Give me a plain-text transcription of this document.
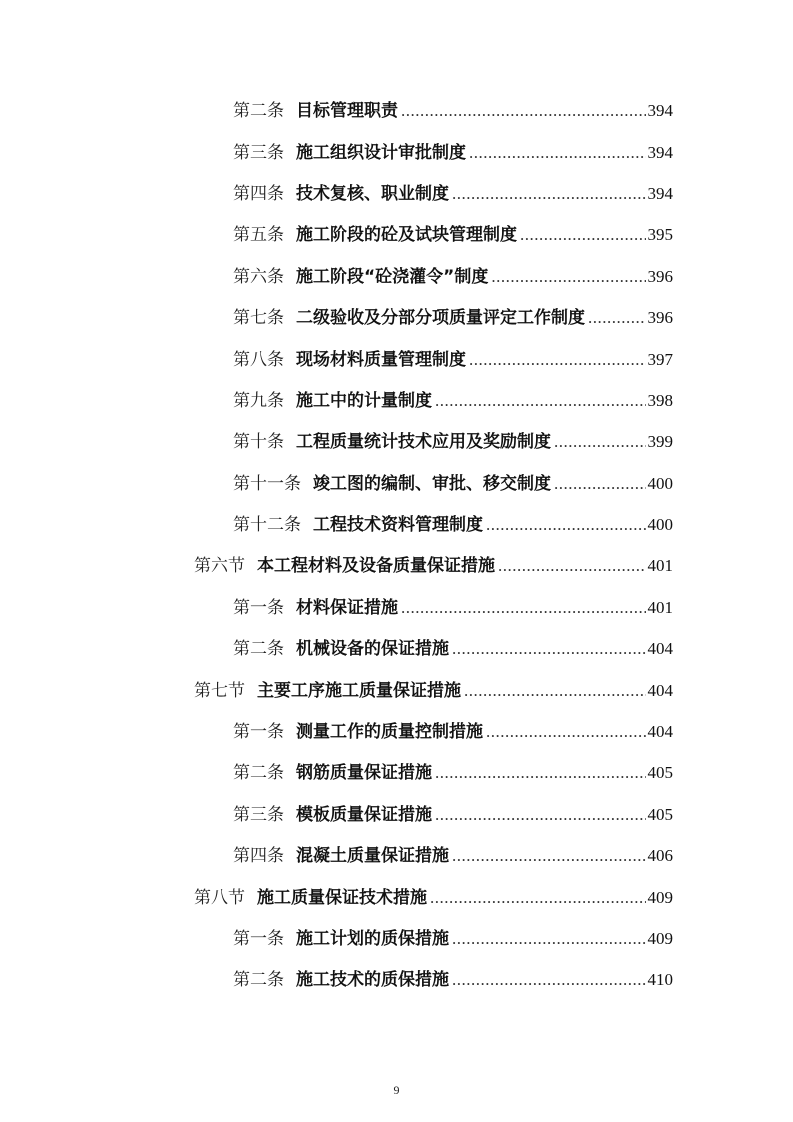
第二条 目标管理职责 .....	394
第三条 施工组织设计审批制度 .....	394
第四条 技术复核、职业制度 .....	394
第五条 施工阶段的砼及试块管理制度 .....	395
第六条 施工阶段“砼浇灌令”制度 .....	396
第七条 二级验收及分部分项质量评定工作制度 .....	396
第八条 现场材料质量管理制度 .....	397
第九条 施工中的计量制度 .....	398
第十条 工程质量统计技术应用及奖励制度 .....	399
第十一条 竣工图的编制、审批、移交制度 .....	400
第十二条 工程技术资料管理制度 .....	400
第六节 本工程材料及设备质量保证措施 .....	401
第一条 材料保证措施 .....	401
第二条 机械设备的保证措施 .....	404
第七节 主要工序施工质量保证措施 .....	404
第一条 测量工作的质量控制措施 .....	404
第二条 钢筋质量保证措施 .....	405
第三条 模板质量保证措施 .....	405
第四条 混凝土质量保证措施 .....	406
第八节 施工质量保证技术措施 .....	409
第一条 施工计划的质保措施 .....	409
第二条 施工技术的质保措施 .....	410
9
